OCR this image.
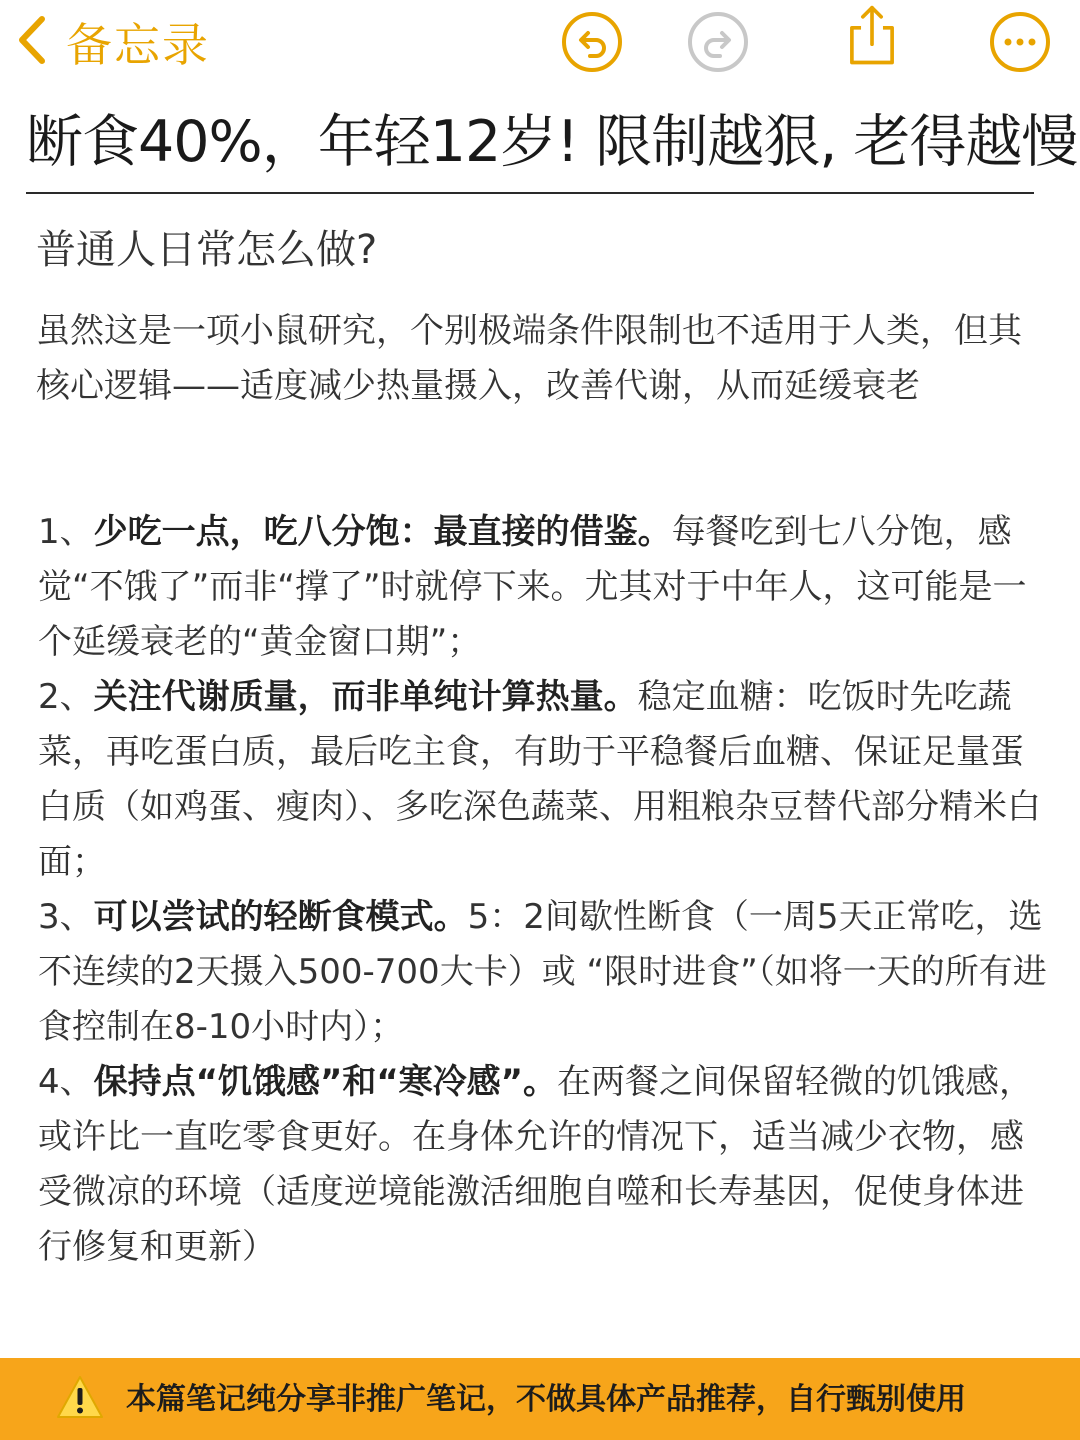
备忘录
断食40%，年轻12岁! 限制越狠, 老得越慢
普通人日常怎么做?
虽然这是一项小鼠研究，个别极端条件限制也不适用于人类，但其核心逻辑——适度减少热量摄入，改善代谢，从而延缓衰老
1、少吃一点，吃八分饱：最直接的借鉴。每餐吃到七八分饱，感觉“不饿了”而非“撑了”时就停下来。尤其对于中年人，这可能是一个延缓衰老的“黄金窗口期”；
2、关注代谢质量，而非单纯计算热量。稳定血糖：吃饭时先吃蔬菜，再吃蛋白质，最后吃主食，有助于平稳餐后血糖、保证足量蛋白质（如鸡蛋、瘦肉）、多吃深色蔬菜、用粗粮杂豆替代部分精米白面；
3、可以尝试的轻断食模式。5：2间歇性断食（一周5天正常吃，选不连续的2天摄入500-700大卡）或 “限时进食”（如将一天的所有进食控制在8-10小时内）；
4、保持点“饥饿感”和“寒冷感”。在两餐之间保留轻微的饥饿感，或许比一直吃零食更好。在身体允许的情况下，适当减少衣物，感受微凉的环境（适度逆境能激活细胞自噬和长寿基因，促使身体进行修复和更新）
本篇笔记纯分享非推广笔记，不做具体产品推荐，自行甄别使用
